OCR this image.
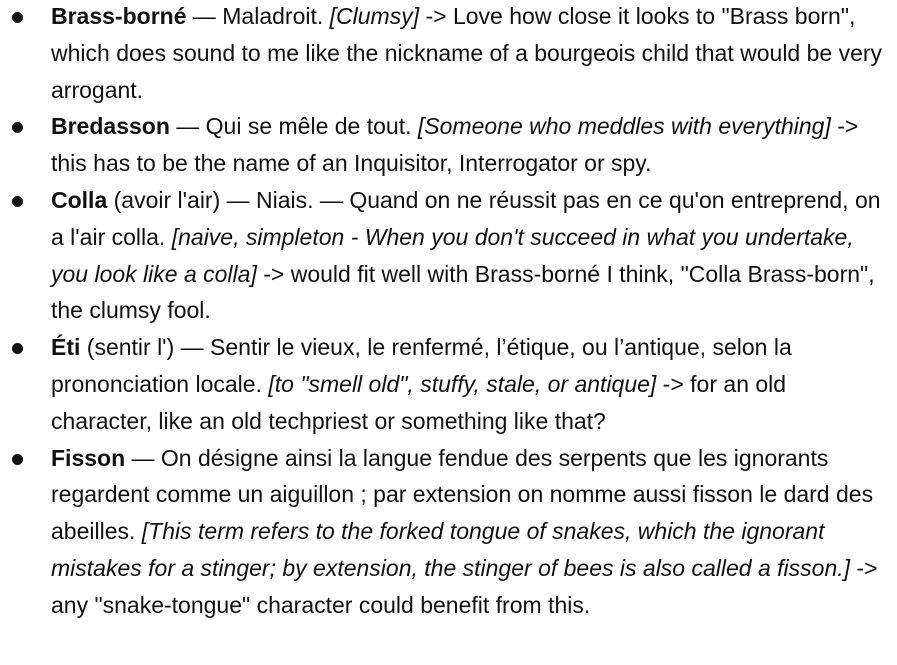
Brass-borné — Maladroit. [Clumsy] -> Love how close it looks to "Brass born", which does sound to me like the nickname of a bourgeois child that would be very arrogant.
Bredasson — Qui se mêle de tout. [Someone who meddles with everything] -> this has to be the name of an Inquisitor, Interrogator or spy.
Colla (avoir l'air) — Niais. — Quand on ne réussit pas en ce qu'on entreprend, on a l'air colla. [naive, simpleton - When you don't succeed in what you undertake, you look like a colla] -> would fit well with Brass-borné I think, "Colla Brass-born", the clumsy fool.
Éti (sentir l') — Sentir le vieux, le renfermé, l’étique, ou l’antique, selon la prononciation locale. [to "smell old", stuffy, stale, or antique] -> for an old character, like an old techpriest or something like that?
Fisson — On désigne ainsi la langue fendue des serpents que les ignorants regardent comme un aiguillon ; par extension on nomme aussi fisson le dard des abeilles. [This term refers to the forked tongue of snakes, which the ignorant mistakes for a stinger; by extension, the stinger of bees is also called a fisson.] -> any "snake-tongue" character could benefit from this.
